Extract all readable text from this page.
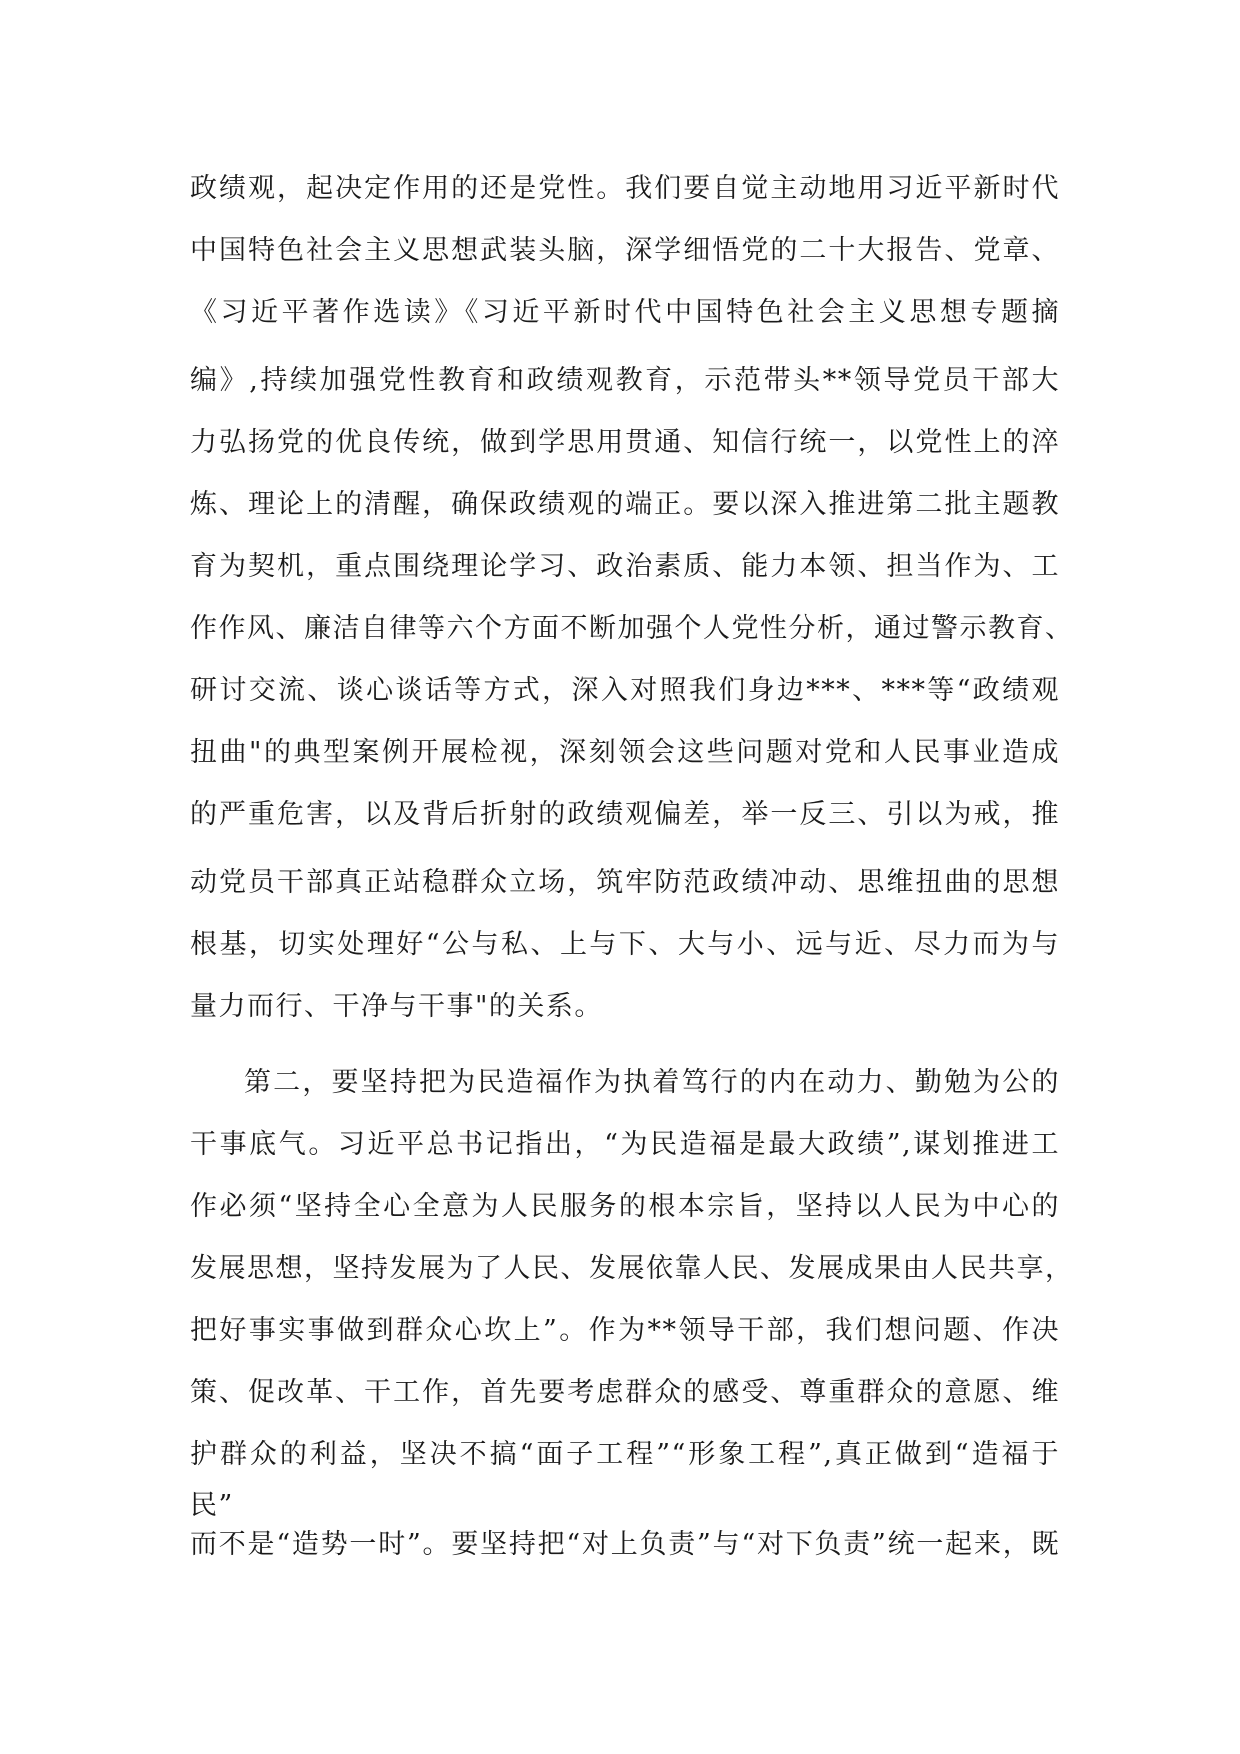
政绩观，起决定作用的还是党性。我们要自觉主动地用习近平新时代
中国特色社会主义思想武装头脑，深学细悟党的二十大报告、党章、
《习近平著作选读》《习近平新时代中国特色社会主义思想专题摘
编》,持续加强党性教育和政绩观教育，示范带头**领导党员干部大
力弘扬党的优良传统，做到学思用贯通、知信行统一，以党性上的淬
炼、理论上的清醒，确保政绩观的端正。要以深入推进第二批主题教
育为契机，重点围绕理论学习、政治素质、能力本领、担当作为、工
作作风、廉洁自律等六个方面不断加强个人党性分析，通过警示教育、
研讨交流、谈心谈话等方式，深入对照我们身边***、***等“政绩观
扭曲"的典型案例开展检视，深刻领会这些问题对党和人民事业造成
的严重危害，以及背后折射的政绩观偏差，举一反三、引以为戒，推
动党员干部真正站稳群众立场，筑牢防范政绩冲动、思维扭曲的思想
根基，切实处理好“公与私、上与下、大与小、远与近、尽力而为与
量力而行、干净与干事"的关系。
第二，要坚持把为民造福作为执着笃行的内在动力、勤勉为公的
干事底气。习近平总书记指出，“为民造福是最大政绩”,谋划推进工
作必须“坚持全心全意为人民服务的根本宗旨，坚持以人民为中心的
发展思想，坚持发展为了人民、发展依靠人民、发展成果由人民共享，
把好事实事做到群众心坎上”。作为**领导干部，我们想问题、作决
策、促改革、干工作，首先要考虑群众的感受、尊重群众的意愿、维
护群众的利益，坚决不搞“面子工程”“形象工程”,真正做到“造福于
民”
而不是“造势一时”。要坚持把“对上负责”与“对下负责”统一起来，既
